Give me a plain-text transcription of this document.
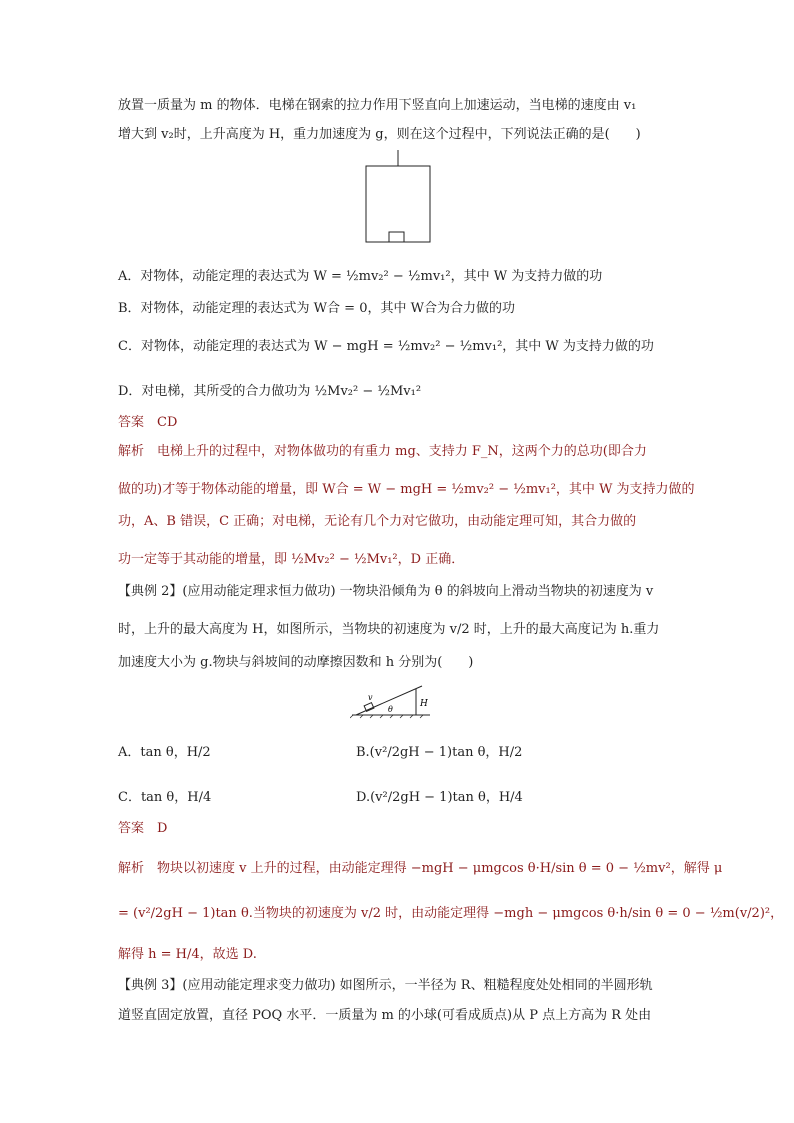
放置一质量为 m 的物体．电梯在钢索的拉力作用下竖直向上加速运动，当电梯的速度由 v₁
增大到 v₂时，上升高度为 H，重力加速度为 g，则在这个过程中，下列说法正确的是(　　)
A．对物体，动能定理的表达式为 W = ½mv₂² − ½mv₁²，其中 W 为支持力做的功
B．对物体，动能定理的表达式为 W合 = 0，其中 W合为合力做的功
C．对物体，动能定理的表达式为 W − mgH = ½mv₂² − ½mv₁²，其中 W 为支持力做的功
D．对电梯，其所受的合力做功为 ½Mv₂² − ½Mv₁²
答案　CD
解析　电梯上升的过程中，对物体做功的有重力 mg、支持力 F_N，这两个力的总功(即合力
做的功)才等于物体动能的增量，即 W合 = W − mgH = ½mv₂² − ½mv₁²，其中 W 为支持力做的
功，A、B 错误，C 正确；对电梯，无论有几个力对它做功，由动能定理可知，其合力做的
功一定等于其动能的增量，即 ½Mv₂² − ½Mv₁²，D 正确．
【典例 2】(应用动能定理求恒力做功) 一物块沿倾角为 θ 的斜坡向上滑动当物块的初速度为 v
时，上升的最大高度为 H，如图所示，当物块的初速度为 v/2 时，上升的最大高度记为 h.重力
加速度大小为 g.物块与斜坡间的动摩擦因数和 h 分别为(　　)
v
θ
H
A．tan θ，H/2	B.(v²/2gH − 1)tan θ，H/2
C．tan θ，H/4	D.(v²/2gH − 1)tan θ，H/4
答案　D
解析　物块以初速度 v 上升的过程，由动能定理得 −mgH − μmgcos θ·H/sin θ = 0 − ½mv²，解得 μ
= (v²/2gH − 1)tan θ.当物块的初速度为 v/2 时，由动能定理得 −mgh − μmgcos θ·h/sin θ = 0 − ½m(v/2)²，
解得 h = H/4，故选 D.
【典例 3】(应用动能定理求变力做功) 如图所示，一半径为 R、粗糙程度处处相同的半圆形轨
道竖直固定放置，直径 POQ 水平．一质量为 m 的小球(可看成质点)从 P 点上方高为 R 处由
